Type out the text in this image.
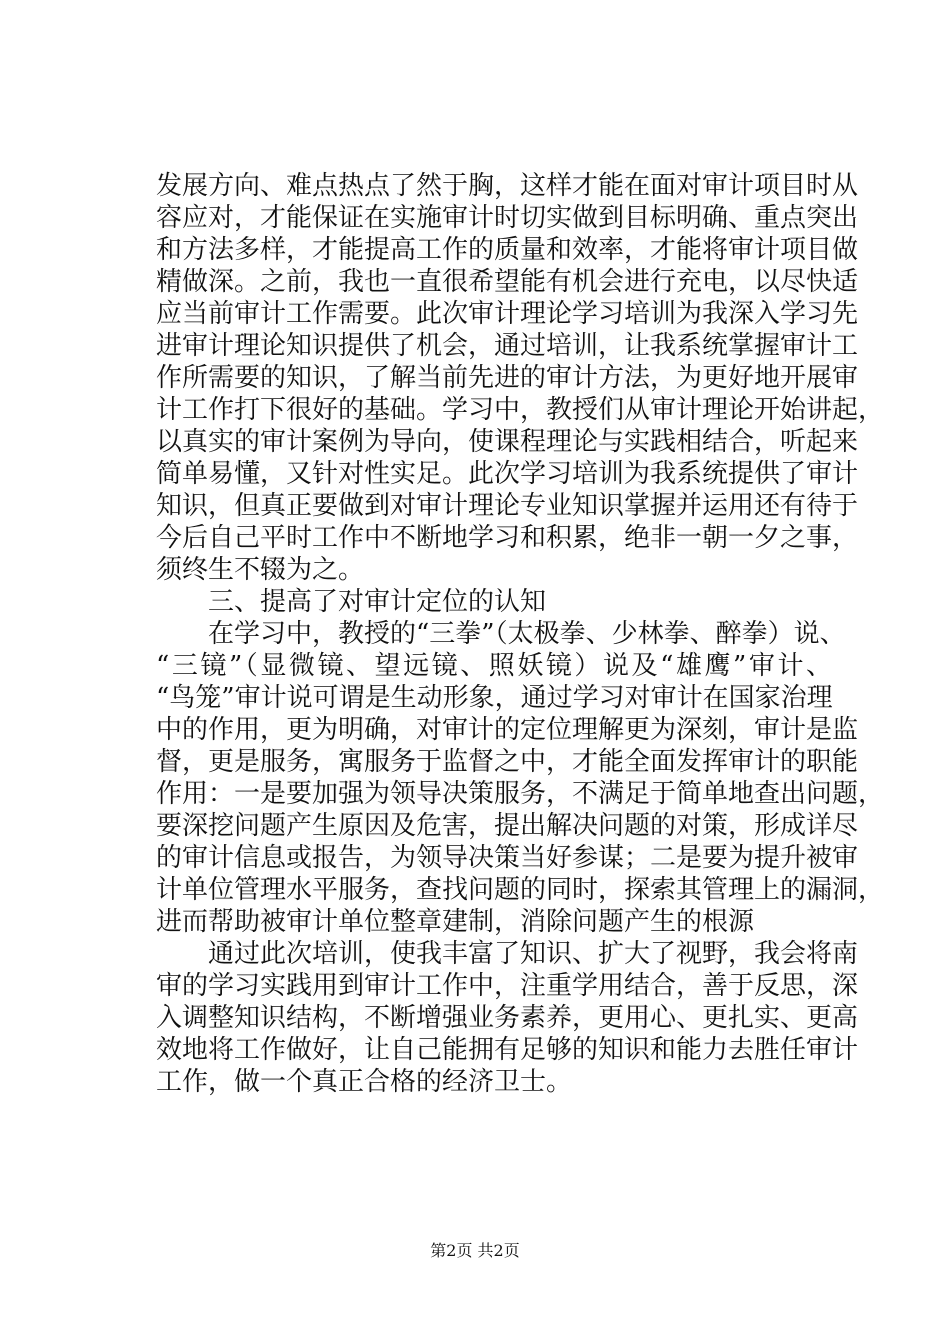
发展方向、难点热点了然于胸，这样才能在面对审计项目时从
容应对，才能保证在实施审计时切实做到目标明确、重点突出
和方法多样，才能提高工作的质量和效率，才能将审计项目做
精做深。之前，我也一直很希望能有机会进行充电，以尽快适
应当前审计工作需要。此次审计理论学习培训为我深入学习先
进审计理论知识提供了机会，通过培训，让我系统掌握审计工
作所需要的知识，了解当前先进的审计方法，为更好地开展审
计工作打下很好的基础。学习中，教授们从审计理论开始讲起，
以真实的审计案例为导向，使课程理论与实践相结合，听起来
简单易懂，又针对性实足。此次学习培训为我系统提供了审计
知识，但真正要做到对审计理论专业知识掌握并运用还有待于
今后自己平时工作中不断地学习和积累，绝非一朝一夕之事，
须终生不辍为之。
三、提高了对审计定位的认知
在学习中，教授的“三拳”（太极拳、少林拳、醉拳）说、
“三镜”（显微镜、望远镜、照妖镜）说及“雄鹰”审计、
“鸟笼”审计说可谓是生动形象，通过学习对审计在国家治理
中的作用，更为明确，对审计的定位理解更为深刻，审计是监
督，更是服务，寓服务于监督之中，才能全面发挥审计的职能
作用：一是要加强为领导决策服务，不满足于简单地查出问题，
要深挖问题产生原因及危害，提出解决问题的对策，形成详尽
的审计信息或报告，为领导决策当好参谋；二是要为提升被审
计单位管理水平服务，查找问题的同时，探索其管理上的漏洞，
进而帮助被审计单位整章建制，消除问题产生的根源
通过此次培训，使我丰富了知识、扩大了视野，我会将南
审的学习实践用到审计工作中，注重学用结合，善于反思，深
入调整知识结构，不断增强业务素养，更用心、更扎实、更高
效地将工作做好，让自己能拥有足够的知识和能力去胜任审计
工作，做一个真正合格的经济卫士。
第2页 共2页
